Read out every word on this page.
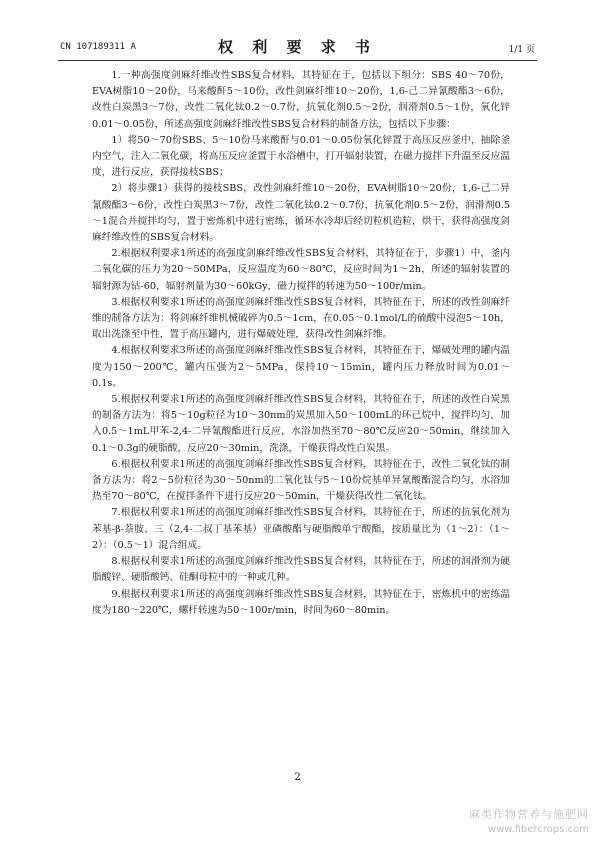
CN 107189311 A	权 利 要 求 书	1/1 页

1.一种高强度剑麻纤维改性SBS复合材料，其特征在于，包括以下组分：SBS 40～70份，EVA树脂10～20份，马来酸酐5～10份，改性剑麻纤维10～20份，1,6-己二异氰酸酯3～6份，改性白炭黑3～7份，改性二氧化钛0.2～0.7份，抗氧化剂0.5～2份，润滑剂0.5～1份，氧化锌0.01～0.05份，所述高强度剑麻纤维改性SBS复合材料的制备方法，包括以下步骤：

1）将50～70份SBS、5～10份马来酸酐与0.01～0.05份氧化锌置于高压反应釜中，抽除釜内空气，注入二氧化碳，将高压反应釜置于水浴槽中，打开辐射装置，在磁力搅拌下升温至反应温度，进行反应，获得接枝SBS；

2）将步骤1）获得的接枝SBS，改性剑麻纤维10～20份，EVA树脂10～20份，1,6-己二异氰酸酯3～6份，改性白炭黑3～7份，改性二氧化钛0.2～0.7份，抗氧化剂0.5～2份，润滑剂0.5～1混合并搅拌均匀，置于密炼机中进行密练，循环水冷却后经切粒机造粒，烘干，获得高强度剑麻纤维改性的SBS复合材料。

2.根据权利要求1所述的高强度剑麻纤维改性SBS复合材料，其特征在于，步骤1）中，釜内二氧化碳的压力为20～50MPa，反应温度为60～80℃，反应时间为1～2h，所述的辐射装置的辐射源为钴-60，辐射剂量为30～60kGy，磁力搅拌的转速为50～100r/min。

3.根据权利要求1所述的高强度剑麻纤维改性SBS复合材料，其特征在于，所述的改性剑麻纤维的制备方法为：将剑麻纤维机械破碎为0.5～1cm，在0.05～0.1mol/L的硫酸中浸泡5～10h，取出洗涤至中性，置于高压罐内，进行爆破处理，获得改性剑麻纤维。

4.根据权利要求3所述的高强度剑麻纤维改性SBS复合材料，其特征在于，爆破处理的罐内温度为150～200℃，罐内压强为2～5MPa，保持10～15min，罐内压力释放时间为0.01～0.1s。

5.根据权利要求1所述的高强度剑麻纤维改性SBS复合材料，其特征在于，所述的改性白炭黑的制备方法为：将5～10g粒径为10～30nm的炭黑加入50～100mL的环己烷中，搅拌均匀，加入0.5～1mL甲苯-2,4-二异氰酸酯进行反应，水浴加热至70～80℃反应20～50min，继续加入0.1～0.3g的硬脂酸，反应20～30min，洗涤，干燥获得改性白炭黑。

6.根据权利要求1所述的高强度剑麻纤维改性SBS复合材料，其特征在于，改性二氧化钛的制备方法为：将2～5份粒径为30～50nm的二氧化钛与5～10份烷基单异氰酸酯混合均匀，水浴加热至70～80℃，在搅拌条件下进行反应20～50min，干燥获得改性二氧化钛。

7.根据权利要求1所述的高强度剑麻纤维改性SBS复合材料，其特征在于，所述的抗氧化剂为苯基-β-萘胺、三（2,4-二叔丁基苯基）亚磷酸酯与硬脂酸单宁酸酯，按质量比为（1～2）：（1～2）：（0.5～1）混合组成。

8.根据权利要求1所述的高强度剑麻纤维改性SBS复合材料，其特征在于，所述的润滑剂为硬脂酸锌、硬脂酸钙、硅酮母粒中的一种或几种。

9.根据权利要求1所述的高强度剑麻纤维改性SBS复合材料，其特征在于，密炼机中的密练温度为180～220℃，螺杆转速为50～100r/min，时间为60～80min。

2
麻类作物营养与施肥网
www.fibercrops.com
